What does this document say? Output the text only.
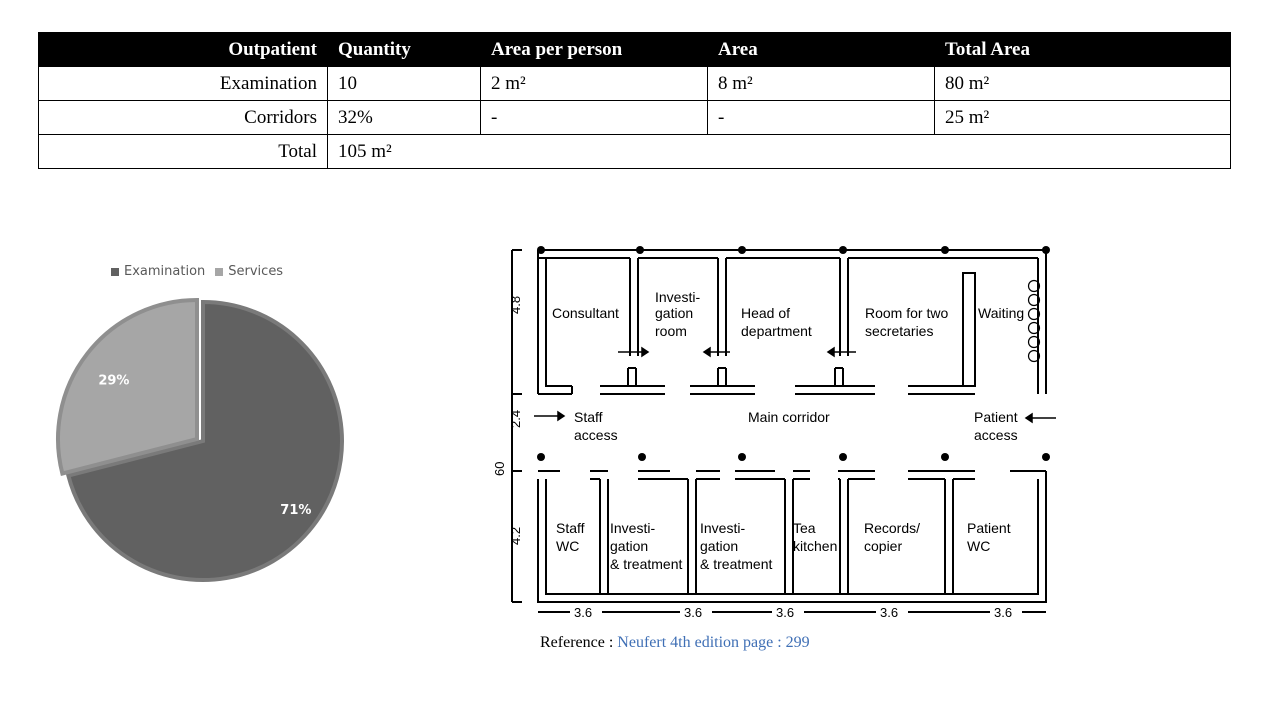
Outpatient	Quantity	Area per person	Area	Total Area
Examination	10	2 m²	8 m²	80 m²
Corridors	32%	-	-	25 m²
Total	105 m²			
Examination Services
71%
29%
Consultant
Investi-
gation
room
Head of
department
Room for two
secretaries
Waiting
Staff
access
Main corridor	Patient
access
Staff
WC
Investi-
gation
& treatment
Investi-
gation
& treatment
Tea
kitchen
Records/
copier
Patient
WC
4.8
2.4
60
4.2
3.6	3.6	3.6	3.6	3.6
Reference : Neufert 4th edition page : 299
